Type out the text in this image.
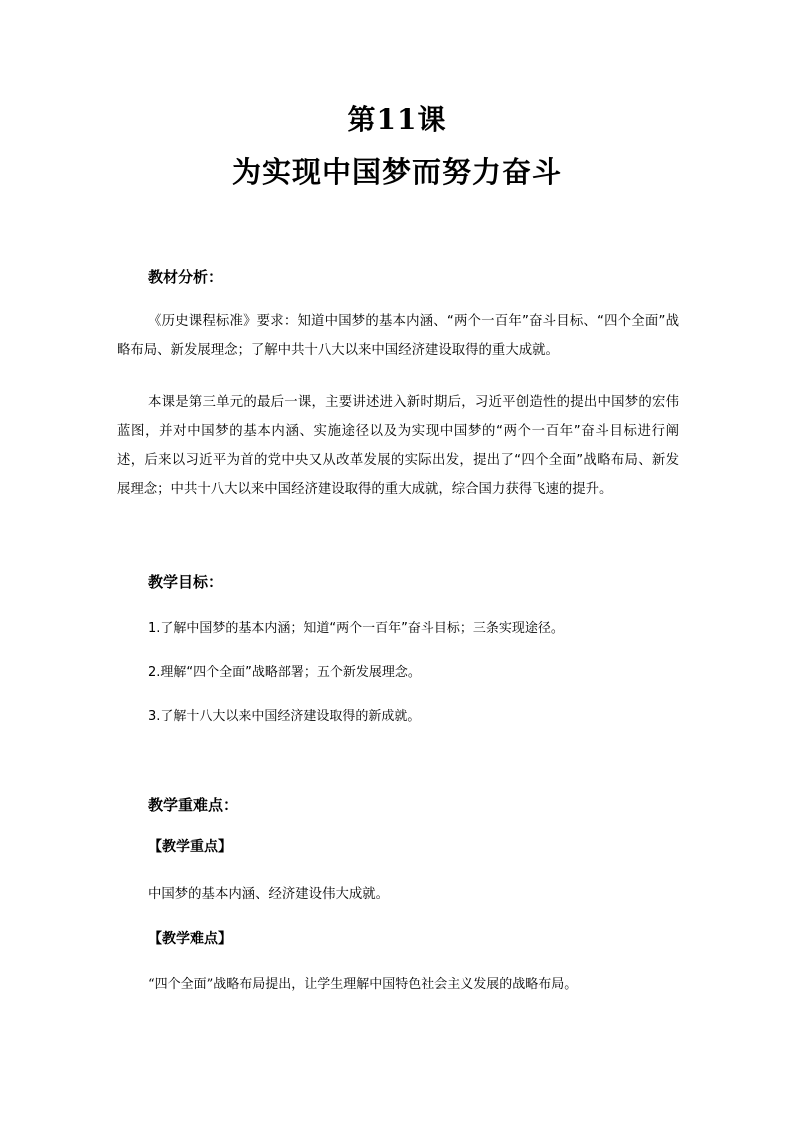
第11课
为实现中国梦而努力奋斗
教材分析：
《历史课程标准》要求：知道中国梦的基本内涵、“两个一百年”奋斗目标、“四个全面”战略布局、新发展理念；了解中共十八大以来中国经济建设取得的重大成就。
本课是第三单元的最后一课，主要讲述进入新时期后，习近平创造性的提出中国梦的宏伟蓝图，并对中国梦的基本内涵、实施途径以及为实现中国梦的“两个一百年”奋斗目标进行阐述，后来以习近平为首的党中央又从改革发展的实际出发，提出了“四个全面”战略布局、新发展理念；中共十八大以来中国经济建设取得的重大成就，综合国力获得飞速的提升。
教学目标：
1.了解中国梦的基本内涵；知道“两个一百年”奋斗目标；三条实现途径。
2.理解“四个全面”战略部署；五个新发展理念。
3.了解十八大以来中国经济建设取得的新成就。
教学重难点：
【教学重点】
中国梦的基本内涵、经济建设伟大成就。
【教学难点】
“四个全面”战略布局提出，让学生理解中国特色社会主义发展的战略布局。
